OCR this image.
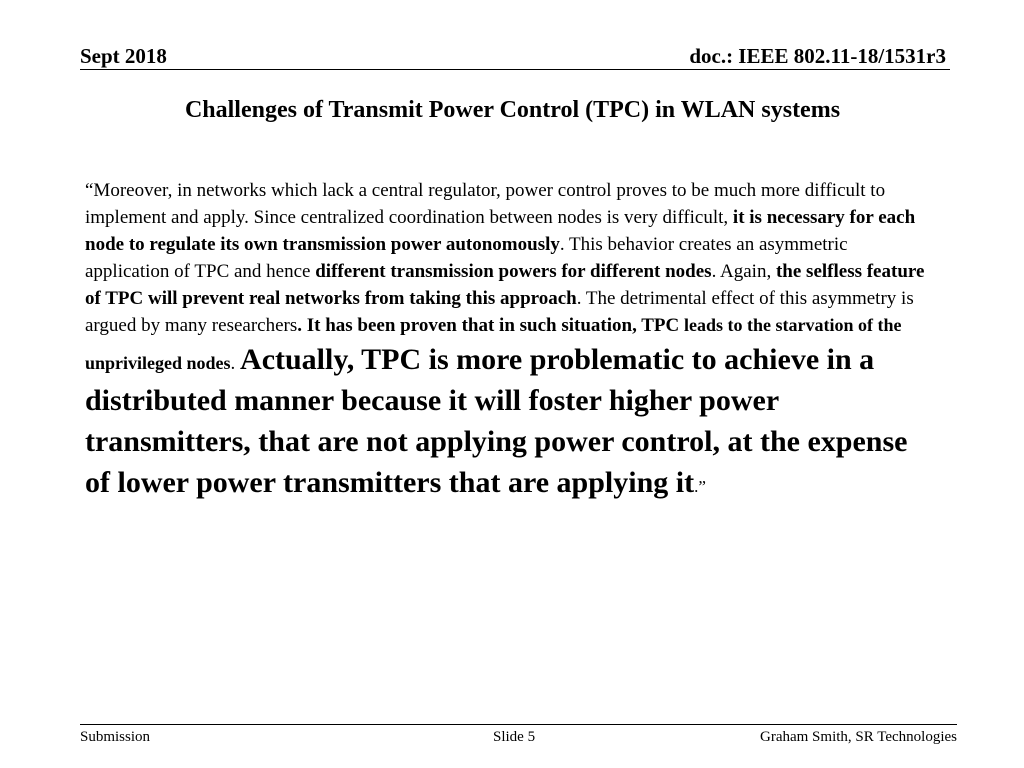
Sept 2018	doc.: IEEE 802.11-18/1531r3
Challenges of Transmit Power Control (TPC) in WLAN systems
“Moreover, in networks which lack a central regulator, power control proves to be much more difficult to implement and apply. Since centralized coordination between nodes is very difficult, it is necessary for each node to regulate its own transmission power autonomously. This behavior creates an asymmetric application of TPC and hence different transmission powers for different nodes. Again, the selfless feature of TPC will prevent real networks from taking this approach. The detrimental effect of this asymmetry is argued by many researchers. It has been proven that in such situation, TPC leads to the starvation of the unprivileged nodes. Actually, TPC is more problematic to achieve in a distributed manner because it will foster higher power transmitters, that are not applying power control, at the expense of lower power transmitters that are applying it.”
Submission	Slide 5	Graham Smith, SR Technologies
